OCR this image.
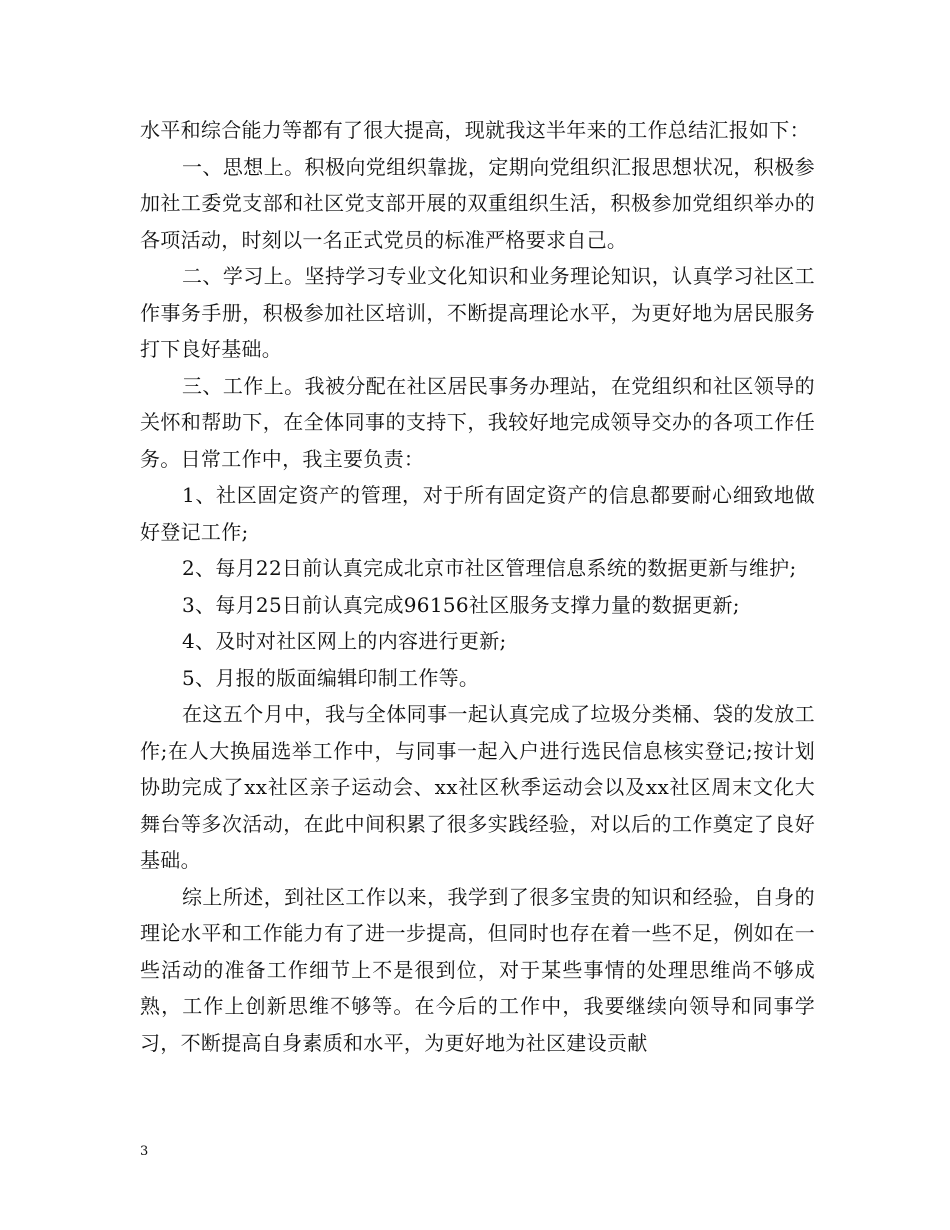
水平和综合能力等都有了很大提高，现就我这半年来的工作总结汇报如下：

一、思想上。积极向党组织靠拢，定期向党组织汇报思想状况，积极参加社工委党支部和社区党支部开展的双重组织生活，积极参加党组织举办的各项活动，时刻以一名正式党员的标准严格要求自己。

二、学习上。坚持学习专业文化知识和业务理论知识，认真学习社区工作事务手册，积极参加社区培训，不断提高理论水平，为更好地为居民服务打下良好基础。

三、工作上。我被分配在社区居民事务办理站，在党组织和社区领导的关怀和帮助下，在全体同事的支持下，我较好地完成领导交办的各项工作任务。日常工作中，我主要负责：

1、社区固定资产的管理，对于所有固定资产的信息都要耐心细致地做好登记工作;

2、每月22日前认真完成北京市社区管理信息系统的数据更新与维护;

3、每月25日前认真完成96156社区服务支撑力量的数据更新;

4、及时对社区网上的内容进行更新;

5、月报的版面编辑印制工作等。

在这五个月中，我与全体同事一起认真完成了垃圾分类桶、袋的发放工作;在人大换届选举工作中，与同事一起入户进行选民信息核实登记;按计划协助完成了xx社区亲子运动会、xx社区秋季运动会以及xx社区周末文化大舞台等多次活动，在此中间积累了很多实践经验，对以后的工作奠定了良好基础。

综上所述，到社区工作以来，我学到了很多宝贵的知识和经验，自身的理论水平和工作能力有了进一步提高，但同时也存在着一些不足，例如在一些活动的准备工作细节上不是很到位，对于某些事情的处理思维尚不够成熟，工作上创新思维不够等。在今后的工作中，我要继续向领导和同事学习，不断提高自身素质和水平，为更好地为社区建设贡献

3
